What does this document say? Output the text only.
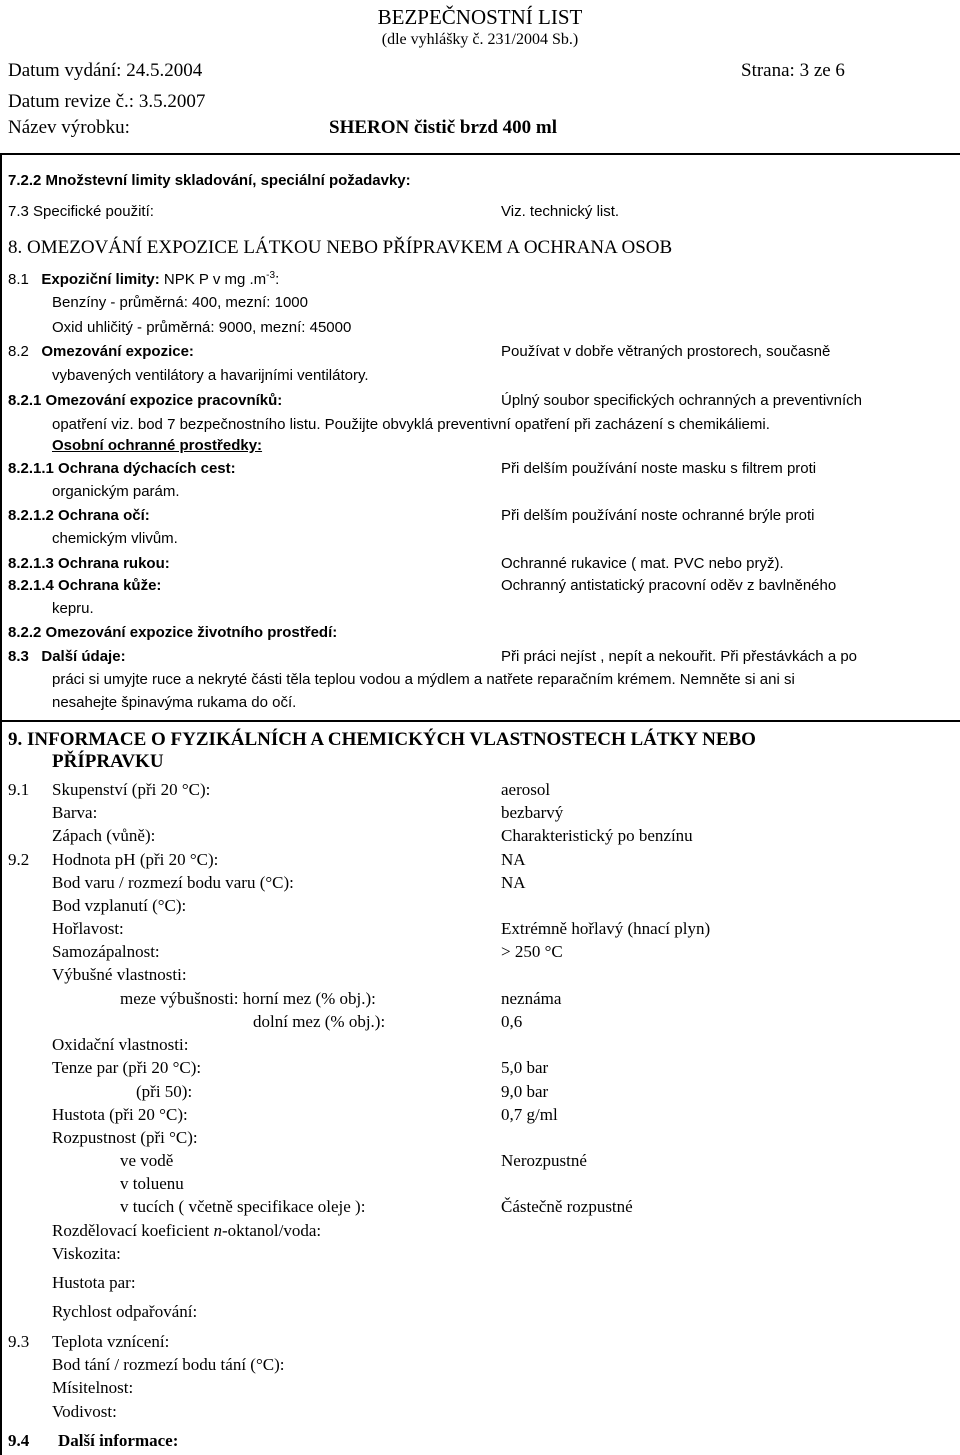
BEZPEČNOSTNÍ LIST
(dle vyhlášky č. 231/2004 Sb.)
Datum vydání: 24.5.2004	Strana: 3 ze 6
Datum revize č.: 3.5.2007
Název výrobku:	SHERON čistič brzd 400 ml
7.2.2 Množstevní limity skladování, speciální požadavky:
7.3 Specifické použití:	Viz. technický list.
8. OMEZOVÁNÍ EXPOZICE LÁTKOU NEBO PŘÍPRAVKEM A OCHRANA OSOB
8.1 Expoziční limity: NPK P v mg $.m^{-3}$:
Benzíny - průměrná: 400, mezní: 1000
Oxid uhličitý - průměrná: 9000, mezní: 45000
8.2 Omezování expozice:	Používat v dobře větraných prostorech, současně
vybavených ventilátory a havarijními ventilátory.
8.2.1 Omezování expozice pracovníků:	Úplný soubor specifických ochranných a preventivních
opatření viz. bod 7 bezpečnostního listu. Použijte obvyklá preventivní opatření při zacházení s chemikáliemi.
Osobní ochranné prostředky:
8.2.1.1 Ochrana dýchacích cest:	Při delším používání noste masku s filtrem proti
organickým parám.
8.2.1.2 Ochrana očí:	Při delším používání noste ochranné brýle proti
chemickým vlivům.
8.2.1.3 Ochrana rukou:	Ochranné rukavice ( mat. PVC nebo pryž).
8.2.1.4 Ochrana kůže:	Ochranný antistatický pracovní oděv z bavlněného
kepru.
8.2.2 Omezování expozice životního prostředí:
8.3 Další údaje:	Při práci nejíst , nepít a nekouřit. Při přestávkách a po
práci si umyjte ruce a nekryté části těla teplou vodou a mýdlem a natřete reparačním krémem. Nemněte si ani si
nesahejte špinavýma rukama do očí.
9. INFORMACE O FYZIKÁLNÍCH A CHEMICKÝCH VLASTNOSTECH LÁTKY NEBO
PŘÍPRAVKU
9.1 Skupenství (při 20 °C):	aerosol
Barva:	bezbarvý
Zápach (vůně):	Charakteristický po benzínu
9.2 Hodnota pH (při 20 °C):	NA
Bod varu / rozmezí bodu varu (°C):	NA
Bod vzplanutí (°C):
Hořlavost:	Extrémně hořlavý (hnací plyn)
Samozápalnost:	> 250 °C
Výbušné vlastnosti:
meze výbušnosti: horní mez (% obj.):	neznáma
dolní mez (% obj.):	0,6
Oxidační vlastnosti:
Tenze par (při 20 °C):	5,0 bar
(při 50):	9,0 bar
Hustota (při 20 °C):	0,7 g/ml
Rozpustnost (při °C):
ve vodě	Nerozpustné
v toluenu
v tucích ( včetně specifikace oleje ):	Částečně rozpustné
Rozdělovací koeficient n-oktanol/voda:
Viskozita:
Hustota par:
Rychlost odpařování:
9.3 Teplota vznícení:
Bod tání / rozmezí bodu tání (°C):
Mísitelnost:
Vodivost:
9.4 Další informace:
